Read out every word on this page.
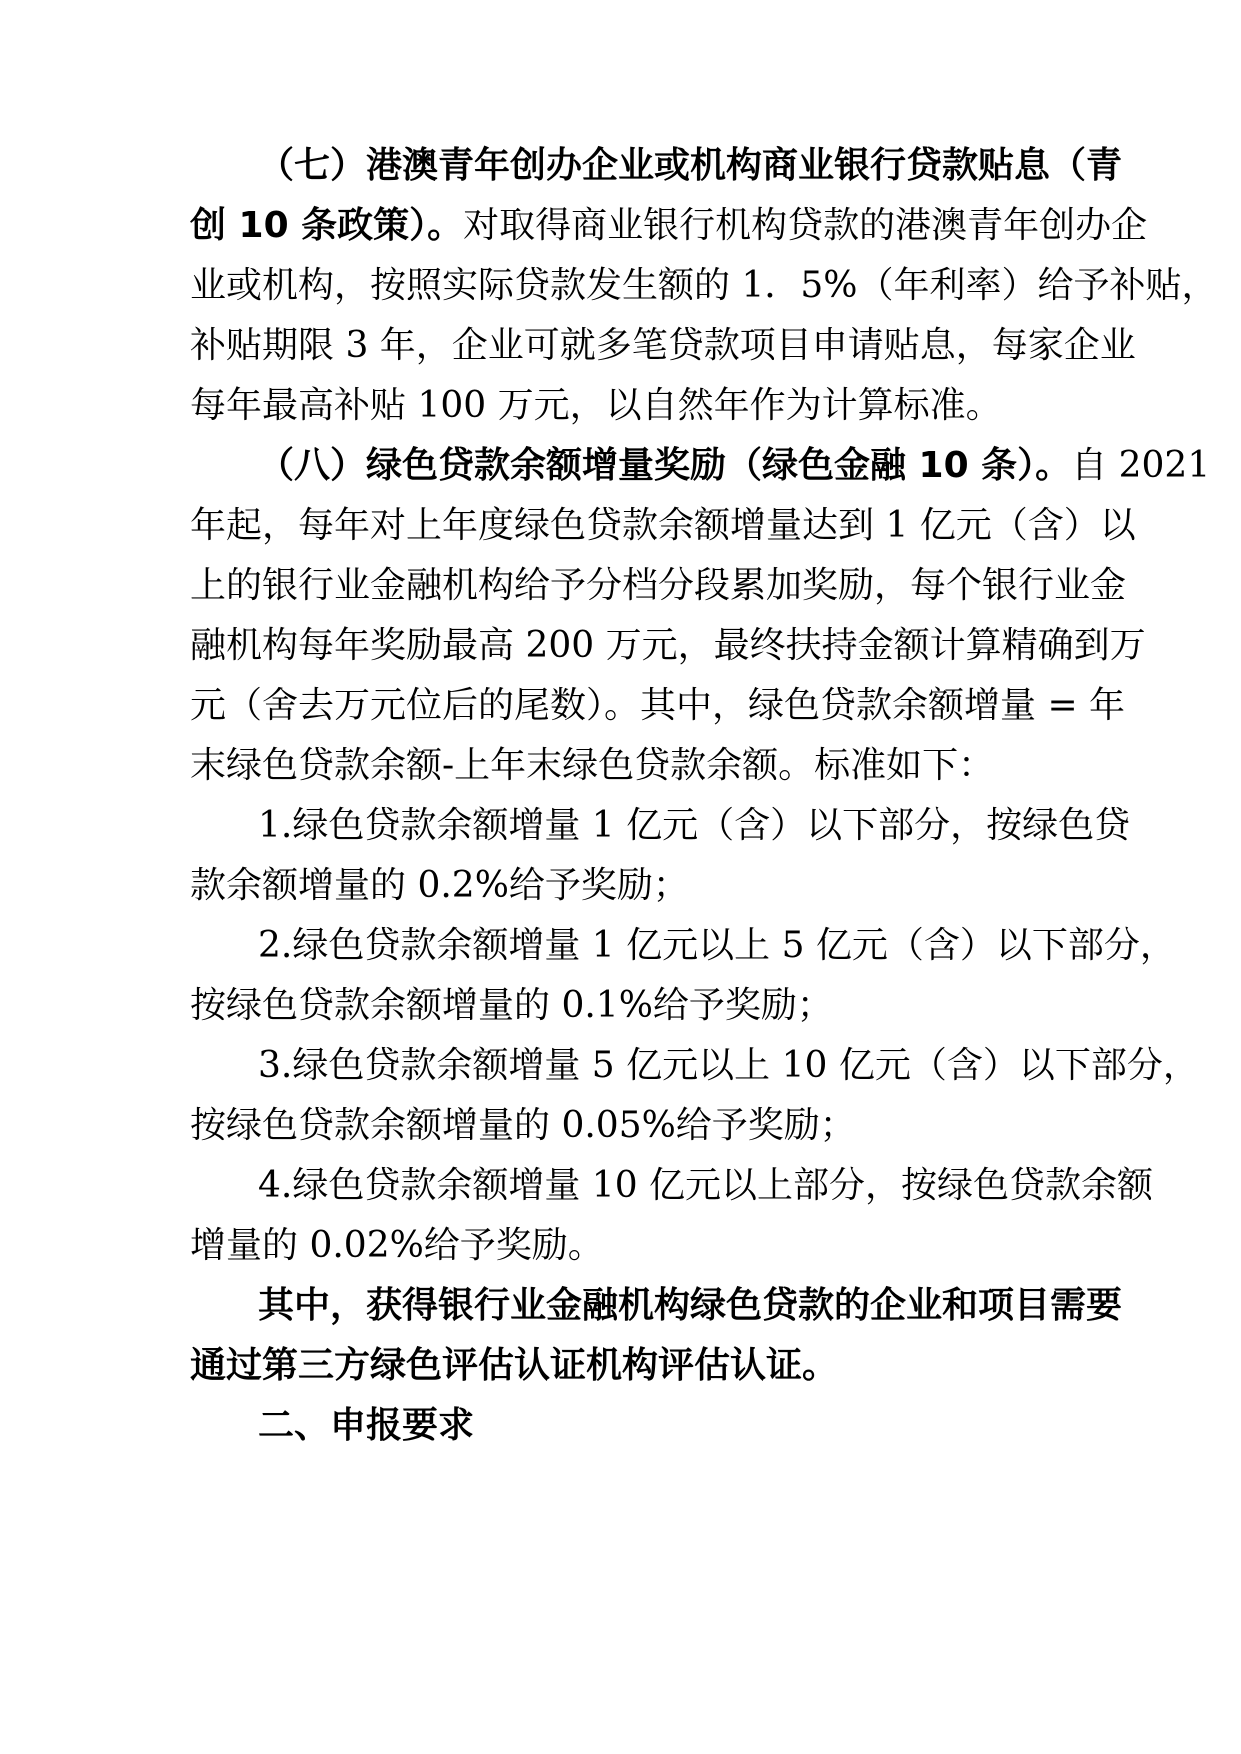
（七）港澳青年创办企业或机构商业银行贷款贴息（青
创 10 条政策）。对取得商业银行机构贷款的港澳青年创办企
业或机构，按照实际贷款发生额的 1．5%（年利率）给予补贴，
补贴期限 3 年，企业可就多笔贷款项目申请贴息，每家企业
每年最高补贴 100 万元，以自然年作为计算标准。
（八）绿色贷款余额增量奖励（绿色金融 10 条）。自 2021
年起，每年对上年度绿色贷款余额增量达到 1 亿元（含）以
上的银行业金融机构给予分档分段累加奖励，每个银行业金
融机构每年奖励最高 200 万元，最终扶持金额计算精确到万
元（舍去万元位后的尾数）。其中，绿色贷款余额增量 = 年
末绿色贷款余额-上年末绿色贷款余额。标准如下：
1.绿色贷款余额增量 1 亿元（含）以下部分，按绿色贷
款余额增量的 0.2%给予奖励；
2.绿色贷款余额增量 1 亿元以上 5 亿元（含）以下部分，
按绿色贷款余额增量的 0.1%给予奖励；
3.绿色贷款余额增量 5 亿元以上 10 亿元（含）以下部分，
按绿色贷款余额增量的 0.05%给予奖励；
4.绿色贷款余额增量 10 亿元以上部分，按绿色贷款余额
增量的 0.02%给予奖励。
其中，获得银行业金融机构绿色贷款的企业和项目需要
通过第三方绿色评估认证机构评估认证。
二、申报要求
